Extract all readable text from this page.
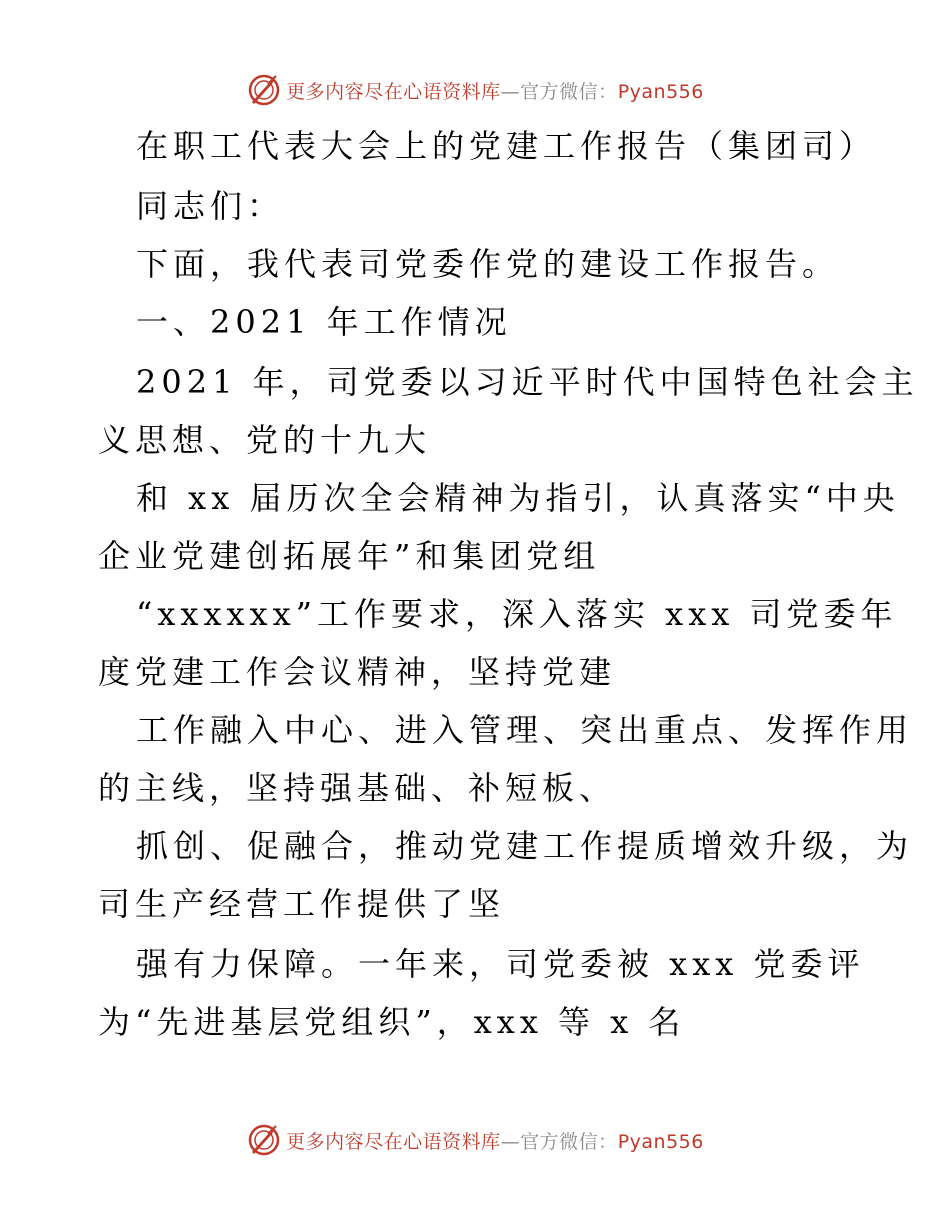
更多内容尽在心语资料库—官方微信：Pyan556
在职工代表大会上的党建工作报告（集团司）
同志们：
下面，我代表司党委作党的建设工作报告。
一、2021 年工作情况
2021 年，司党委以习近平时代中国特色社会主
义思想、党的十九大
和 xx 届历次全会精神为指引，认真落实“中央
企业党建创拓展年”和集团党组
“xxxxxx”工作要求，深入落实 xxx 司党委年
度党建工作会议精神，坚持党建
工作融入中心、进入管理、突出重点、发挥作用
的主线，坚持强基础、补短板、
抓创、促融合，推动党建工作提质增效升级，为
司生产经营工作提供了坚
强有力保障。一年来，司党委被 xxx 党委评
为“先进基层党组织”，xxx 等 x 名
更多内容尽在心语资料库—官方微信：Pyan556
